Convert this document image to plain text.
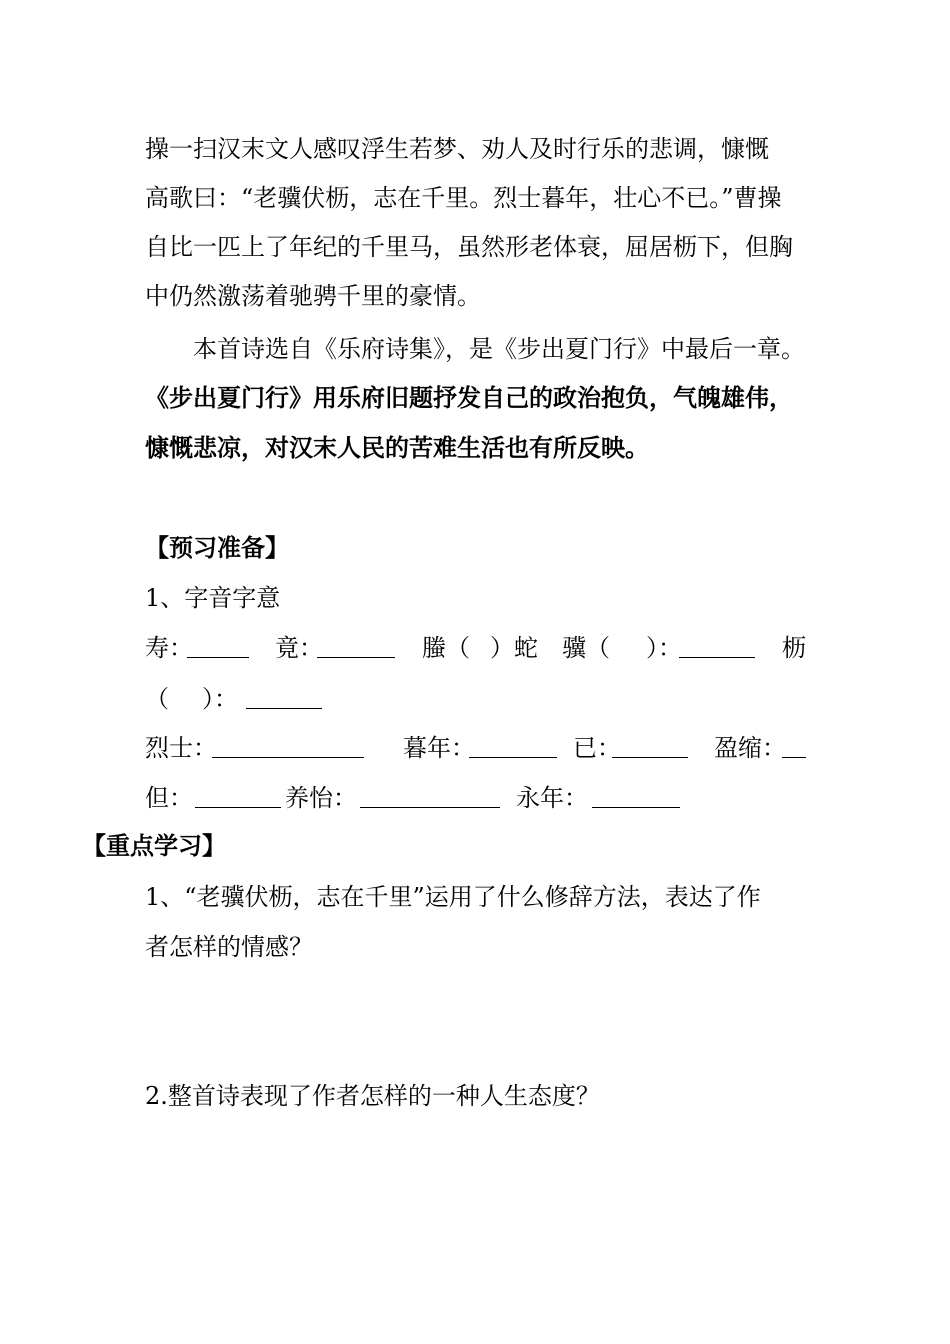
操一扫汉末文人感叹浮生若梦、劝人及时行乐的悲调，慷慨
高歌曰：“老骥伏枥，志在千里。烈士暮年，壮心不已。”曹操
自比一匹上了年纪的千里马，虽然形老体衰，屈居枥下，但胸
中仍然激荡着驰骋千里的豪情。
本首诗选自《乐府诗集》，是《步出夏门行》中最后一章。
《步出夏门行》用乐府旧题抒发自己的政治抱负，气魄雄伟，
慷慨悲凉，对汉末人民的苦难生活也有所反映。
【预习准备】
1、字音字意
寿：	竟：	螣（ ）蛇 骥（ ）：	枥
（ ）：
烈士：	暮年：	已：	盈缩：
但：	养怡：	永年：
【重点学习】
1、“老骥伏枥，志在千里”运用了什么修辞方法，表达了作
者怎样的情感？
2.整首诗表现了作者怎样的一种人生态度？
